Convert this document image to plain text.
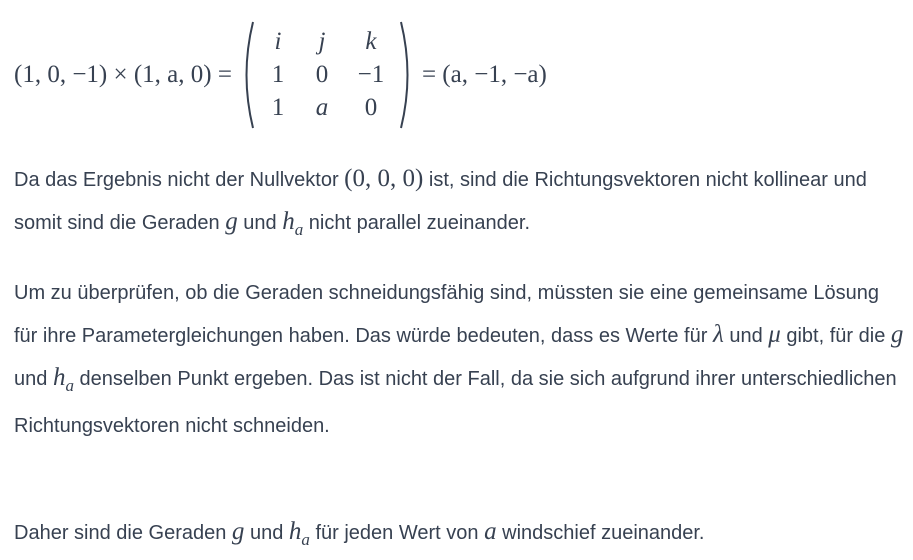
(1, 0, −1) × (1, a, 0) =
i	j	k
1	0	−1
1	a	0
= (a, −1, −a)
Da das Ergebnis nicht der Nullvektor (0, 0, 0) ist, sind die Richtungsvektoren nicht kollinear und somit sind die Geraden g und $h_a$ nicht parallel zueinander.
Um zu überprüfen, ob die Geraden schneidungsfähig sind, müssten sie eine gemeinsame Lösung für ihre Parametergleichungen haben. Das würde bedeuten, dass es Werte für λ und μ gibt, für die g und $h_a$ denselben Punkt ergeben. Das ist nicht der Fall, da sie sich aufgrund ihrer unterschiedlichen Richtungsvektoren nicht schneiden.
Daher sind die Geraden g und $h_a$ für jeden Wert von a windschief zueinander.
